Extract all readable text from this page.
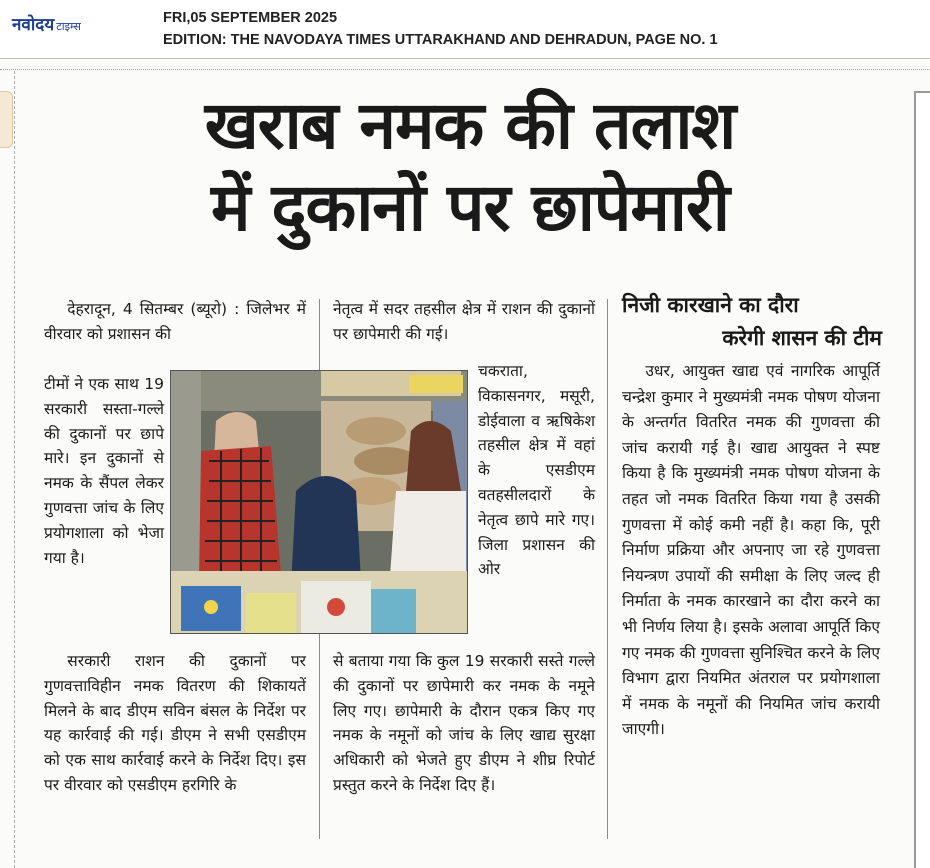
नवोदय टाइम्स
FRI,05 SEPTEMBER 2025
EDITION: THE NAVODAYA TIMES UTTARAKHAND AND DEHRADUN, PAGE NO. 1
खराब नमक की तलाश
में दुकानों पर छापेमारी

देहरादून, 4 सितम्बर (ब्यूरो) : जिलेभर में वीरवार को प्रशासन की

टीमों ने एक साथ 19 सरकारी सस्ता-गल्ले की दुकानों पर छापे मारे। इन दुकानों से नमक के सैंपल लेकर गुणवत्ता जांच के लिए प्रयोगशाला को भेजा गया है।

सरकारी राशन की दुकानों पर गुणवत्ताविहीन नमक वितरण की शिकायतें मिलने के बाद डीएम सविन बंसल के निर्देश पर यह कार्रवाई की गई। डीएम ने सभी एसडीएम को एक साथ कार्रवाई करने के निर्देश दिए। इस पर वीरवार को एसडीएम हरगिरि के

नेतृत्व में सदर तहसील क्षेत्र में राशन की दुकानों पर छापेमारी की गई।

चकराता, विकासनगर, मसूरी, डोईवाला व ऋषिकेश तहसील क्षेत्र में वहां के एसडीएम वतहसीलदारों के नेतृत्व छापे मारे गए। जिला प्रशासन की ओर

से बताया गया कि कुल 19 सरकारी सस्ते गल्ले की दुकानों पर छापेमारी कर नमक के नमूने लिए गए। छापेमारी के दौरान एकत्र किए गए नमक के नमूनों को जांच के लिए खाद्य सुरक्षा अधिकारी को भेजते हुए डीएम ने शीघ्र रिपोर्ट प्रस्तुत करने के निर्देश दिए हैं।

निजी कारखाने का दौरा
करेगी शासन की टीम

उधर, आयुक्त खाद्य एवं नागरिक आपूर्ति चन्द्रेश कुमार ने मुख्यमंत्री नमक पोषण योजना के अन्तर्गत वितरित नमक की गुणवत्ता की जांच करायी गई है। खाद्य आयुक्त ने स्पष्ट किया है कि मुख्यमंत्री नमक पोषण योजना के तहत जो नमक वितरित किया गया है उसकी गुणवत्ता में कोई कमी नहीं है। कहा कि, पूरी निर्माण प्रक्रिया और अपनाए जा रहे गुणवत्ता नियन्त्रण उपायों की समीक्षा के लिए जल्द ही निर्माता के नमक कारखाने का दौरा करने का भी निर्णय लिया है। इसके अलावा आपूर्ति किए गए नमक की गुणवत्ता सुनिश्चित करने के लिए विभाग द्वारा नियमित अंतराल पर प्रयोगशाला में नमक के नमूनों की नियमित जांच करायी जाएगी।
